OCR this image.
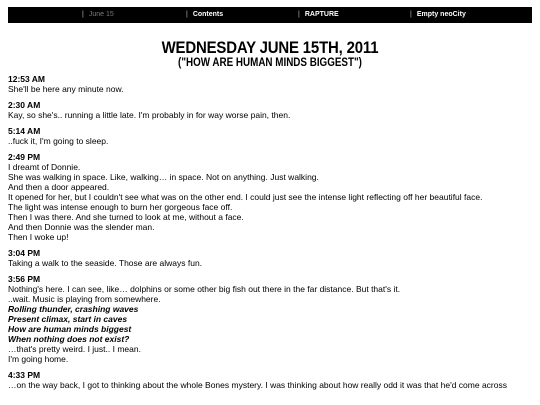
| June 15	| Contents	| RAPTURE	| Empty neoCity
WEDNESDAY JUNE 15TH, 2011
("HOW ARE HUMAN MINDS BIGGEST")
12:53 AM
She'll be here any minute now.
2:30 AM
Kay, so she's.. running a little late. I'm probably in for way worse pain, then.
5:14 AM
..fuck it, I'm going to sleep.
2:49 PM
I dreamt of Donnie.
She was walking in space. Like, walking… in space. Not on anything. Just walking.
And then a door appeared.
It opened for her, but I couldn't see what was on the other end. I could just see the intense light reflecting off her beautiful face.
The light was intense enough to burn her gorgeous face off.
Then I was there. And she turned to look at me, without a face.
And then Donnie was the slender man.
Then I woke up!
3:04 PM
Taking a walk to the seaside. Those are always fun.
3:56 PM
Nothing's here. I can see, like… dolphins or some other big fish out there in the far distance. But that's it.
..wait. Music is playing from somewhere.
Rolling thunder, crashing waves
Present climax, start in caves
How are human minds biggest
When nothing does not exist?
…that's pretty weird. I just.. I mean.
I'm going home.
4:33 PM
…on the way back, I got to thinking about the whole Bones mystery. I was thinking about how really odd it was that he'd come across
